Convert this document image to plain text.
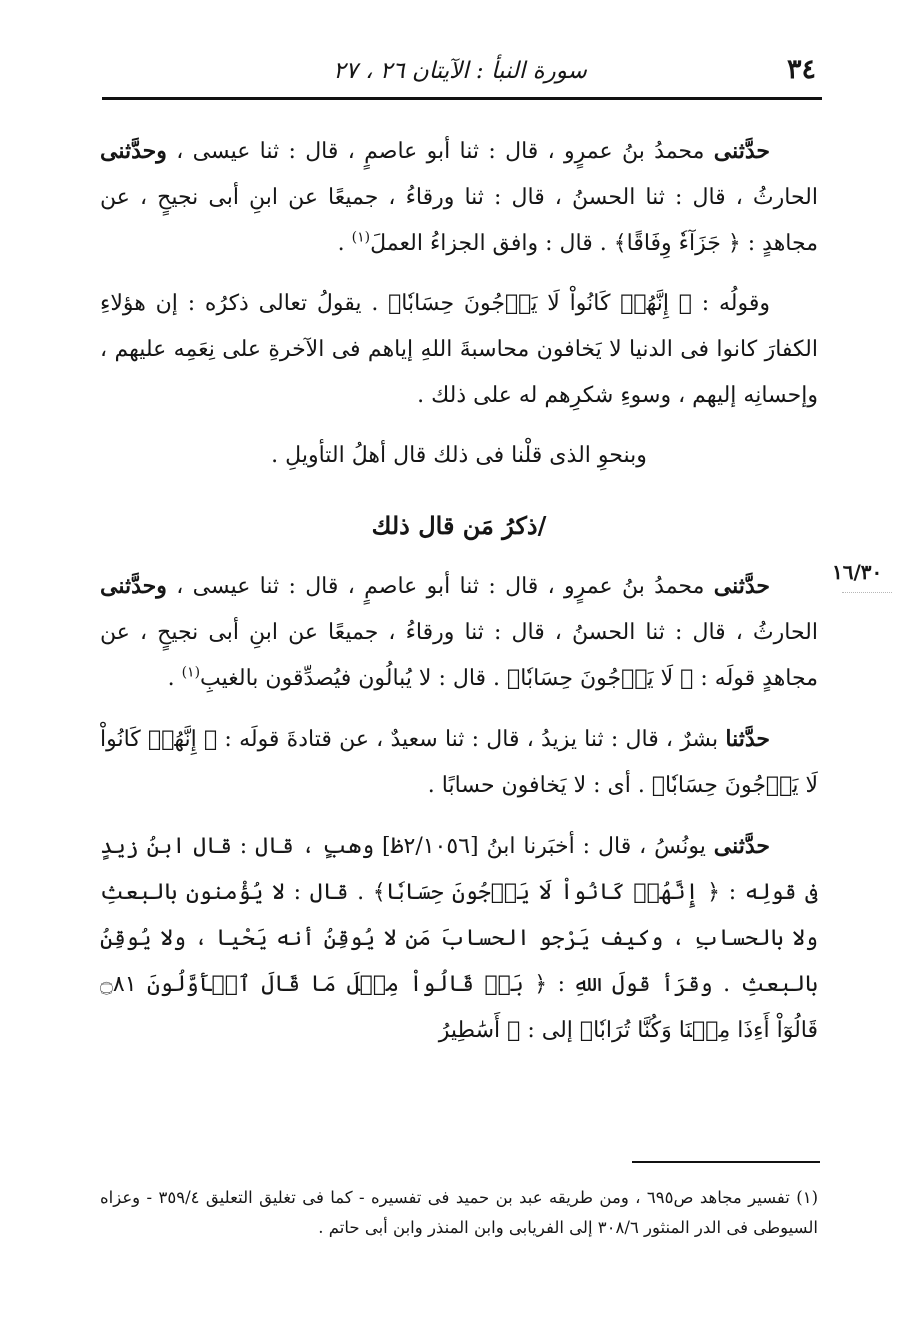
٣٤
سورة النبأ : الآيتان ٢٦ ، ٢٧
١٦/٣٠

حدَّثنى محمدُ بنُ عمرٍو ، قال : ثنا أبو عاصمٍ ، قال : ثنا عيسى ، وحدَّثنى الحارثُ ، قال : ثنا الحسنُ ، قال : ثنا ورقاءُ ، جميعًا عن ابنِ أبى نجيحٍ ، عن مجاهدٍ : ﴿ جَزَآءٗ وِفَاقًا﴾ . قال : وافق الجزاءُ العملَ$^{(١)}$ .

وقولُه : ﴿ إِنَّهُمۡ كَانُواْ لَا يَرۡجُونَ حِسَابٗا﴾ . يقولُ تعالى ذكرُه : إن هؤلاءِ الكفارَ كانوا فى الدنيا لا يَخافون محاسبةَ اللهِ إياهم فى الآخرةِ على نِعَمِه عليهم ، وإحسانِه إليهم ، وسوءِ شكرِهم له على ذلك .

وبنحوِ الذى قلْنا فى ذلك قال أهلُ التأويلِ .

/ذكرُ مَن قال ذلك

حدَّثنى محمدُ بنُ عمرٍو ، قال : ثنا أبو عاصمٍ ، قال : ثنا عيسى ، وحدَّثنى الحارثُ ، قال : ثنا الحسنُ ، قال : ثنا ورقاءُ ، جميعًا عن ابنِ أبى نجيحٍ ، عن مجاهدٍ قولَه : ﴿ لَا يَرۡجُونَ حِسَابٗا﴾ . قال : لا يُبالُون فيُصدِّقون بالغيبِ$^{(١)}$ .

حدَّثنا بشرٌ ، قال : ثنا يزيدُ ، قال : ثنا سعيدٌ ، عن قتادةَ قولَه : ﴿ إِنَّهُمۡ كَانُواْ لَا يَرۡجُونَ حِسَابٗا﴾ . أى : لا يَخافون حسابًا .

حدَّثنى يونُسُ ، قال : أخبَرنا ابنُ [٢/١٠٥٦ظ] وهبٍ ، قال : قال ابنُ زيدٍ فى قولِه : ﴿ إِنَّهُمۡ كَانُواْ لَا يَرۡجُونَ حِسَابٗا﴾ . قال : لا يُؤْمنون بالبعثِ ولا بالحسابِ ، وكيف يَرْجو الحسابَ مَن لا يُوقِنُ أنه يَحْيا ، ولا يُوقِنُ بالبعثِ . وقرَأ قولَ اللهِ : ﴿ بَلۡ قَالُواْ مِثۡلَ مَا قَالَ ٱلۡأَوَّلُونَ ۝٨١ قَالُوٓاْ أَءِذَا مِتۡنَا وَكُنَّا تُرَابٗا﴾ إلى : ﴿ أَسَٰطِيرُ

(١) تفسير مجاهد ص٦٩٥ ، ومن طريقه عبد بن حميد فى تفسيره - كما فى تغليق التعليق ٣٥٩/٤ - وعزاه السيوطى فى الدر المنثور ٣٠٨/٦ إلى الفريابى وابن المنذر وابن أبى حاتم .
